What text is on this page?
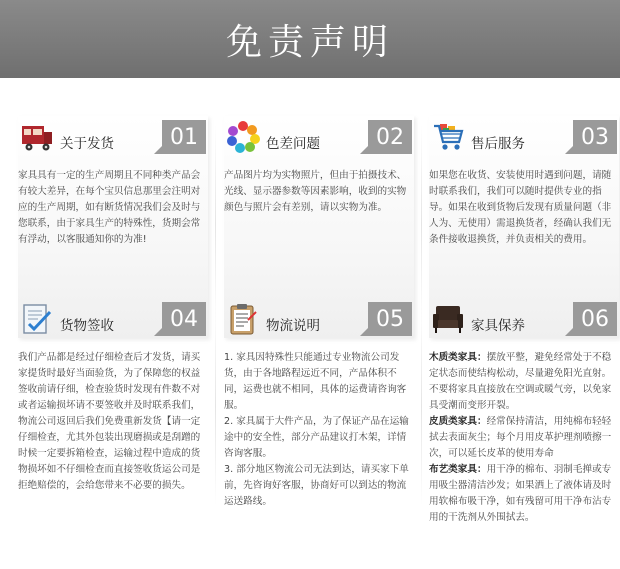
免责声明
关于发货	01

家具具有一定的生产周期且不同种类产品会有较大差异，在每个宝贝信息那里会注明对应的生产周期，如有断货情况我们会及时与您联系，由于家具生产的特殊性，货期会常有浮动，以客服通知你的为准!

色差问题	02

产品图片均为实物照片，但由于拍摄技术、光线、显示器参数等因素影响，收到的实物颜色与照片会有差别，请以实物为准。

售后服务	03

如果您在收货、安装使用时遇到问题，请随时联系我们，我们可以随时提供专业的指导。如果在收到货物后发现有质量问题（非人为、无使用）需退换货者，经确认我们无条件接收退换货，并负责相关的费用。

货物签收	04

我们产品都是经过仔细检查后才发货，请买家提货时最好当面验货，为了保障您的权益签收前请仔细，检查验货时发现有件数不对或者运输损坏请不要签收并及时联系我们，物流公司返回后我们免费重新发货【请一定仔细检查，尤其外包装出现磨损或是刮蹭的时候一定要拆箱检查，运输过程中造成的货物损坏如不仔细检查而直接签收货运公司是拒绝赔偿的，会给您带来不必要的损失。

物流说明	05

1. 家具因特殊性只能通过专业物流公司发货，由于各地路程远近不同，产品体积不同，运费也就不相同，具体的运费请咨询客服。

2. 家具属于大件产品，为了保证产品在运输途中的安全性，部分产品建议打木架，详情咨询客服。

3. 部分地区物流公司无法到达，请买家下单前，先咨询好客服，协商好可以到达的物流运送路线。

家具保养	06

木质类家具：摆放平整，避免经常处于不稳定状态而使结构松动，尽量避免阳光直射。不要将家具直接放在空调或暖气旁，以免家具受潮而变形开裂。

皮质类家具：经常保持清洁，用纯棉布轻轻拭去表面灰尘；每个月用皮革护理剂喷擦一次，可以延长皮革的使用寿命

布艺类家具：用干净的棉布、羽制毛掸或专用吸尘器清洁沙发；如果洒上了液体请及时用软棉布吸干净，如有残留可用干净布沾专用的干洗剂从外围拭去。
